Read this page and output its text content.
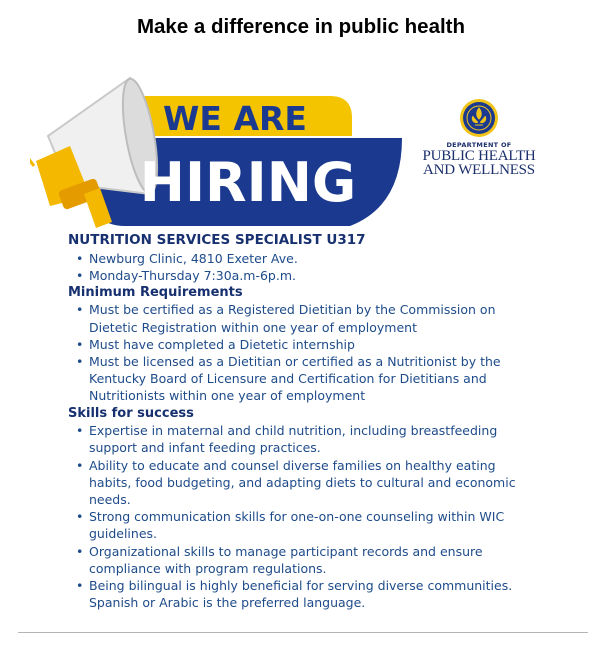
Make a difference in public health
WE ARE
HIRING
DEPARTMENT OF
PUBLIC HEALTH
AND WELLNESS
NUTRITION SERVICES SPECIALIST U317
• Newburg Clinic, 4810 Exeter Ave.
• Monday-Thursday 7:30a.m-6p.m.
Minimum Requirements
• Must be certified as a Registered Dietitian by the Commission on Dietetic Registration within one year of employment
• Must have completed a Dietetic internship
• Must be licensed as a Dietitian or certified as a Nutritionist by the Kentucky Board of Licensure and Certification for Dietitians and Nutritionists within one year of employment
Skills for success
• Expertise in maternal and child nutrition, including breastfeeding support and infant feeding practices.
• Ability to educate and counsel diverse families on healthy eating habits, food budgeting, and adapting diets to cultural and economic needs.
• Strong communication skills for one-on-one counseling within WIC guidelines.
• Organizational skills to manage participant records and ensure compliance with program regulations.
• Being bilingual is highly beneficial for serving diverse communities. Spanish or Arabic is the preferred language.
